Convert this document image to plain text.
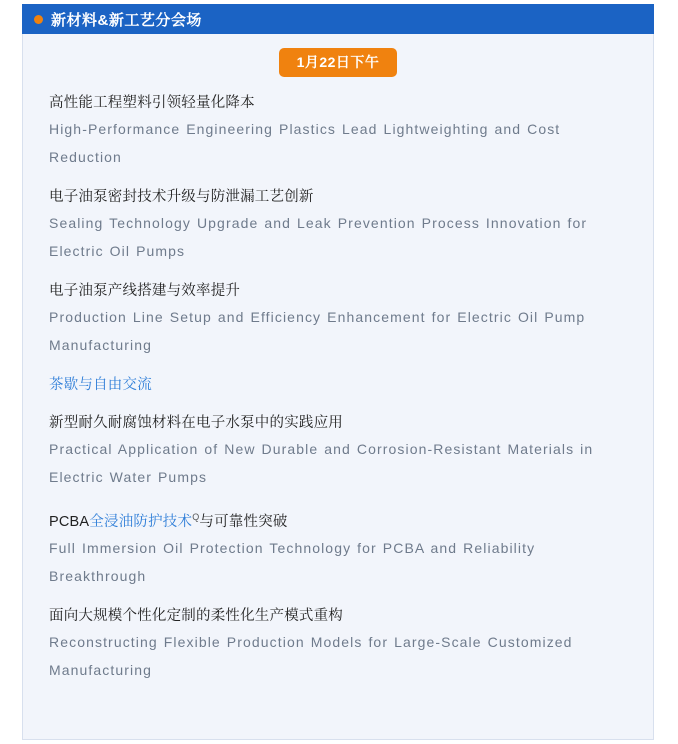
新材料&新工艺分会场
1月22日下午
高性能工程塑料引领轻量化降本
High-Performance Engineering Plastics Lead Lightweighting and Cost Reduction
电子油泵密封技术升级与防泄漏工艺创新
Sealing Technology Upgrade and Leak Prevention Process Innovation for Electric Oil Pumps
电子油泵产线搭建与效率提升
Production Line Setup and Efficiency Enhancement for Electric Oil Pump Manufacturing
茶歇与自由交流
新型耐久耐腐蚀材料在电子水泵中的实践应用
Practical Application of New Durable and Corrosion-Resistant Materials in Electric Water Pumps
PCBA全浸油防护技术$^Q$与可靠性突破
Full Immersion Oil Protection Technology for PCBA and Reliability Breakthrough
面向大规模个性化定制的柔性化生产模式重构
Reconstructing Flexible Production Models for Large-Scale Customized Manufacturing
